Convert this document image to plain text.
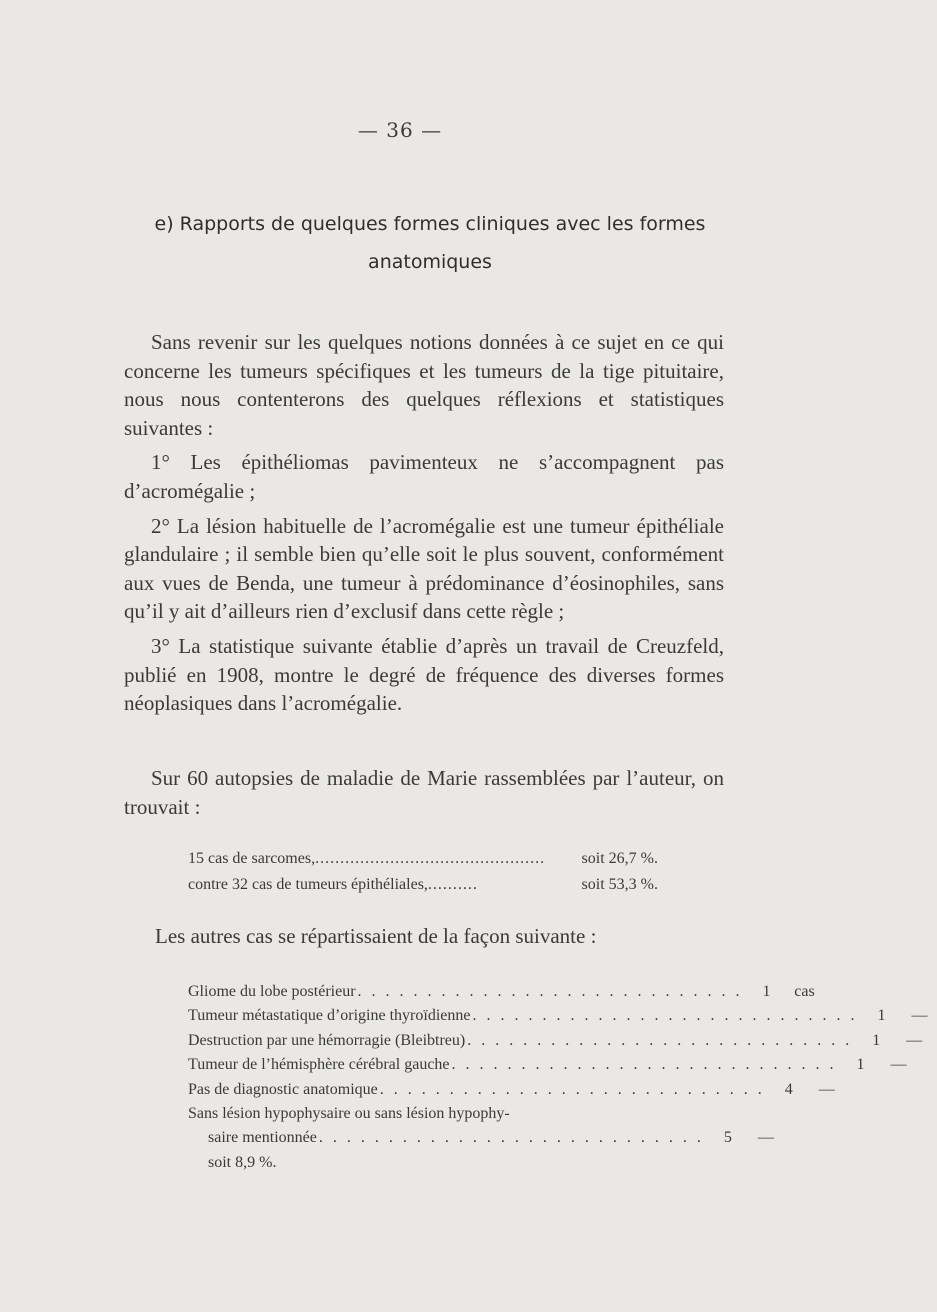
— 36 —
e) Rapports de quelques formes cliniques avec les formes
anatomiques

Sans revenir sur les quelques notions données à ce sujet en ce qui concerne les tumeurs spécifiques et les tumeurs de la tige pituitaire, nous nous contenterons des quelques réflexions et statistiques suivantes :

1° Les épithéliomas pavimenteux ne s’accompagnent pas d’acromégalie ;

2° La lésion habituelle de l’acromégalie est une tumeur épithéliale glandulaire ; il semble bien qu’elle soit le plus souvent, conformément aux vues de Benda, une tumeur à prédominance d’éosinophiles, sans qu’il y ait d’ailleurs rien d’exclusif dans cette règle ;

3° La statistique suivante établie d’après un travail de Creuzfeld, publié en 1908, montre le degré de fréquence des diverses formes néoplasiques dans l’acromégalie.

Sur 60 autopsies de maladie de Marie rassemblées par l’auteur, on trouvait :

15 cas de sarcomes, ..............................................	soit 26,7 %.
contre 32 cas de tumeurs épithéliales, ..........	soit 53,3 %.
Les autres cas se répartissaient de la façon suivante :
Gliome du lobe postérieur . . . . . . . . . . . . . . . . . . . . . . . . . . . .	1	cas
Tumeur métastatique d’origine thyroïdienne . . . . . . . . . . . . . . . . . . . . . . . . . . . .	1	—
Destruction par une hémorragie (Bleibtreu) . . . . . . . . . . . . . . . . . . . . . . . . . . . .	1	—
Tumeur de l’hémisphère cérébral gauche . . . . . . . . . . . . . . . . . . . . . . . . . . . .	1	—
Pas de diagnostic anatomique . . . . . . . . . . . . . . . . . . . . . . . . . . . .	4	—
Sans lésion hypophysaire ou sans lésion hypophy-
saire mentionnée . . . . . . . . . . . . . . . . . . . . . . . . . . . .	5	—
soit 8,9 %.
